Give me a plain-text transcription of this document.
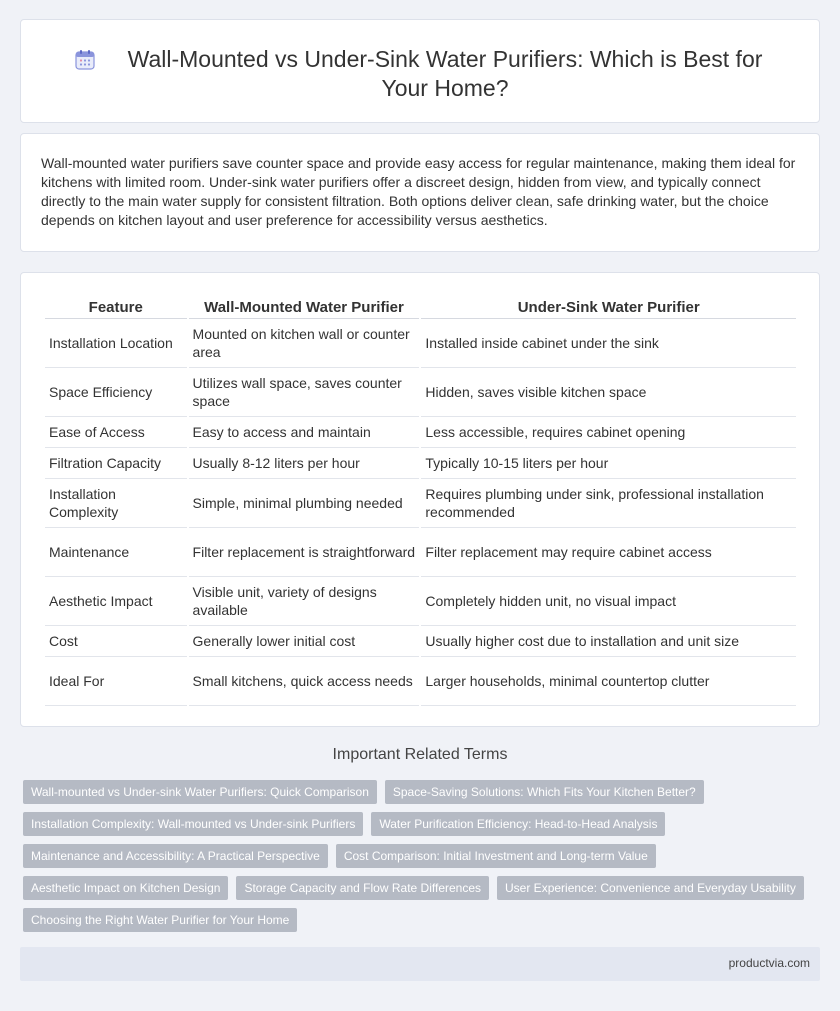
Wall-Mounted vs Under-Sink Water Purifiers: Which is Best for Your Home?

Wall-mounted water purifiers save counter space and provide easy access for regular maintenance, making them ideal for kitchens with limited room. Under-sink water purifiers offer a discreet design, hidden from view, and typically connect directly to the main water supply for consistent filtration. Both options deliver clean, safe drinking water, but the choice depends on kitchen layout and user preference for accessibility versus aesthetics.

Feature	Wall-Mounted Water Purifier	Under-Sink Water Purifier
Installation Location	Mounted on kitchen wall or counter area	Installed inside cabinet under the sink
Space Efficiency	Utilizes wall space, saves counter space	Hidden, saves visible kitchen space
Ease of Access	Easy to access and maintain	Less accessible, requires cabinet opening
Filtration Capacity	Usually 8-12 liters per hour	Typically 10-15 liters per hour
Installation Complexity	Simple, minimal plumbing needed	Requires plumbing under sink, professional installation recommended
Maintenance	Filter replacement is straightforward	Filter replacement may require cabinet access
Aesthetic Impact	Visible unit, variety of designs available	Completely hidden unit, no visual impact
Cost	Generally lower initial cost	Usually higher cost due to installation and unit size
Ideal For	Small kitchens, quick access needs	Larger households, minimal countertop clutter
Important Related Terms
Wall-mounted vs Under-sink Water Purifiers: Quick Comparison	Space-Saving Solutions: Which Fits Your Kitchen Better?
Installation Complexity: Wall-mounted vs Under-sink Purifiers	Water Purification Efficiency: Head-to-Head Analysis
Maintenance and Accessibility: A Practical Perspective	Cost Comparison: Initial Investment and Long-term Value
Aesthetic Impact on Kitchen Design	Storage Capacity and Flow Rate Differences	User Experience: Convenience and Everyday Usability
Choosing the Right Water Purifier for Your Home
productvia.com
